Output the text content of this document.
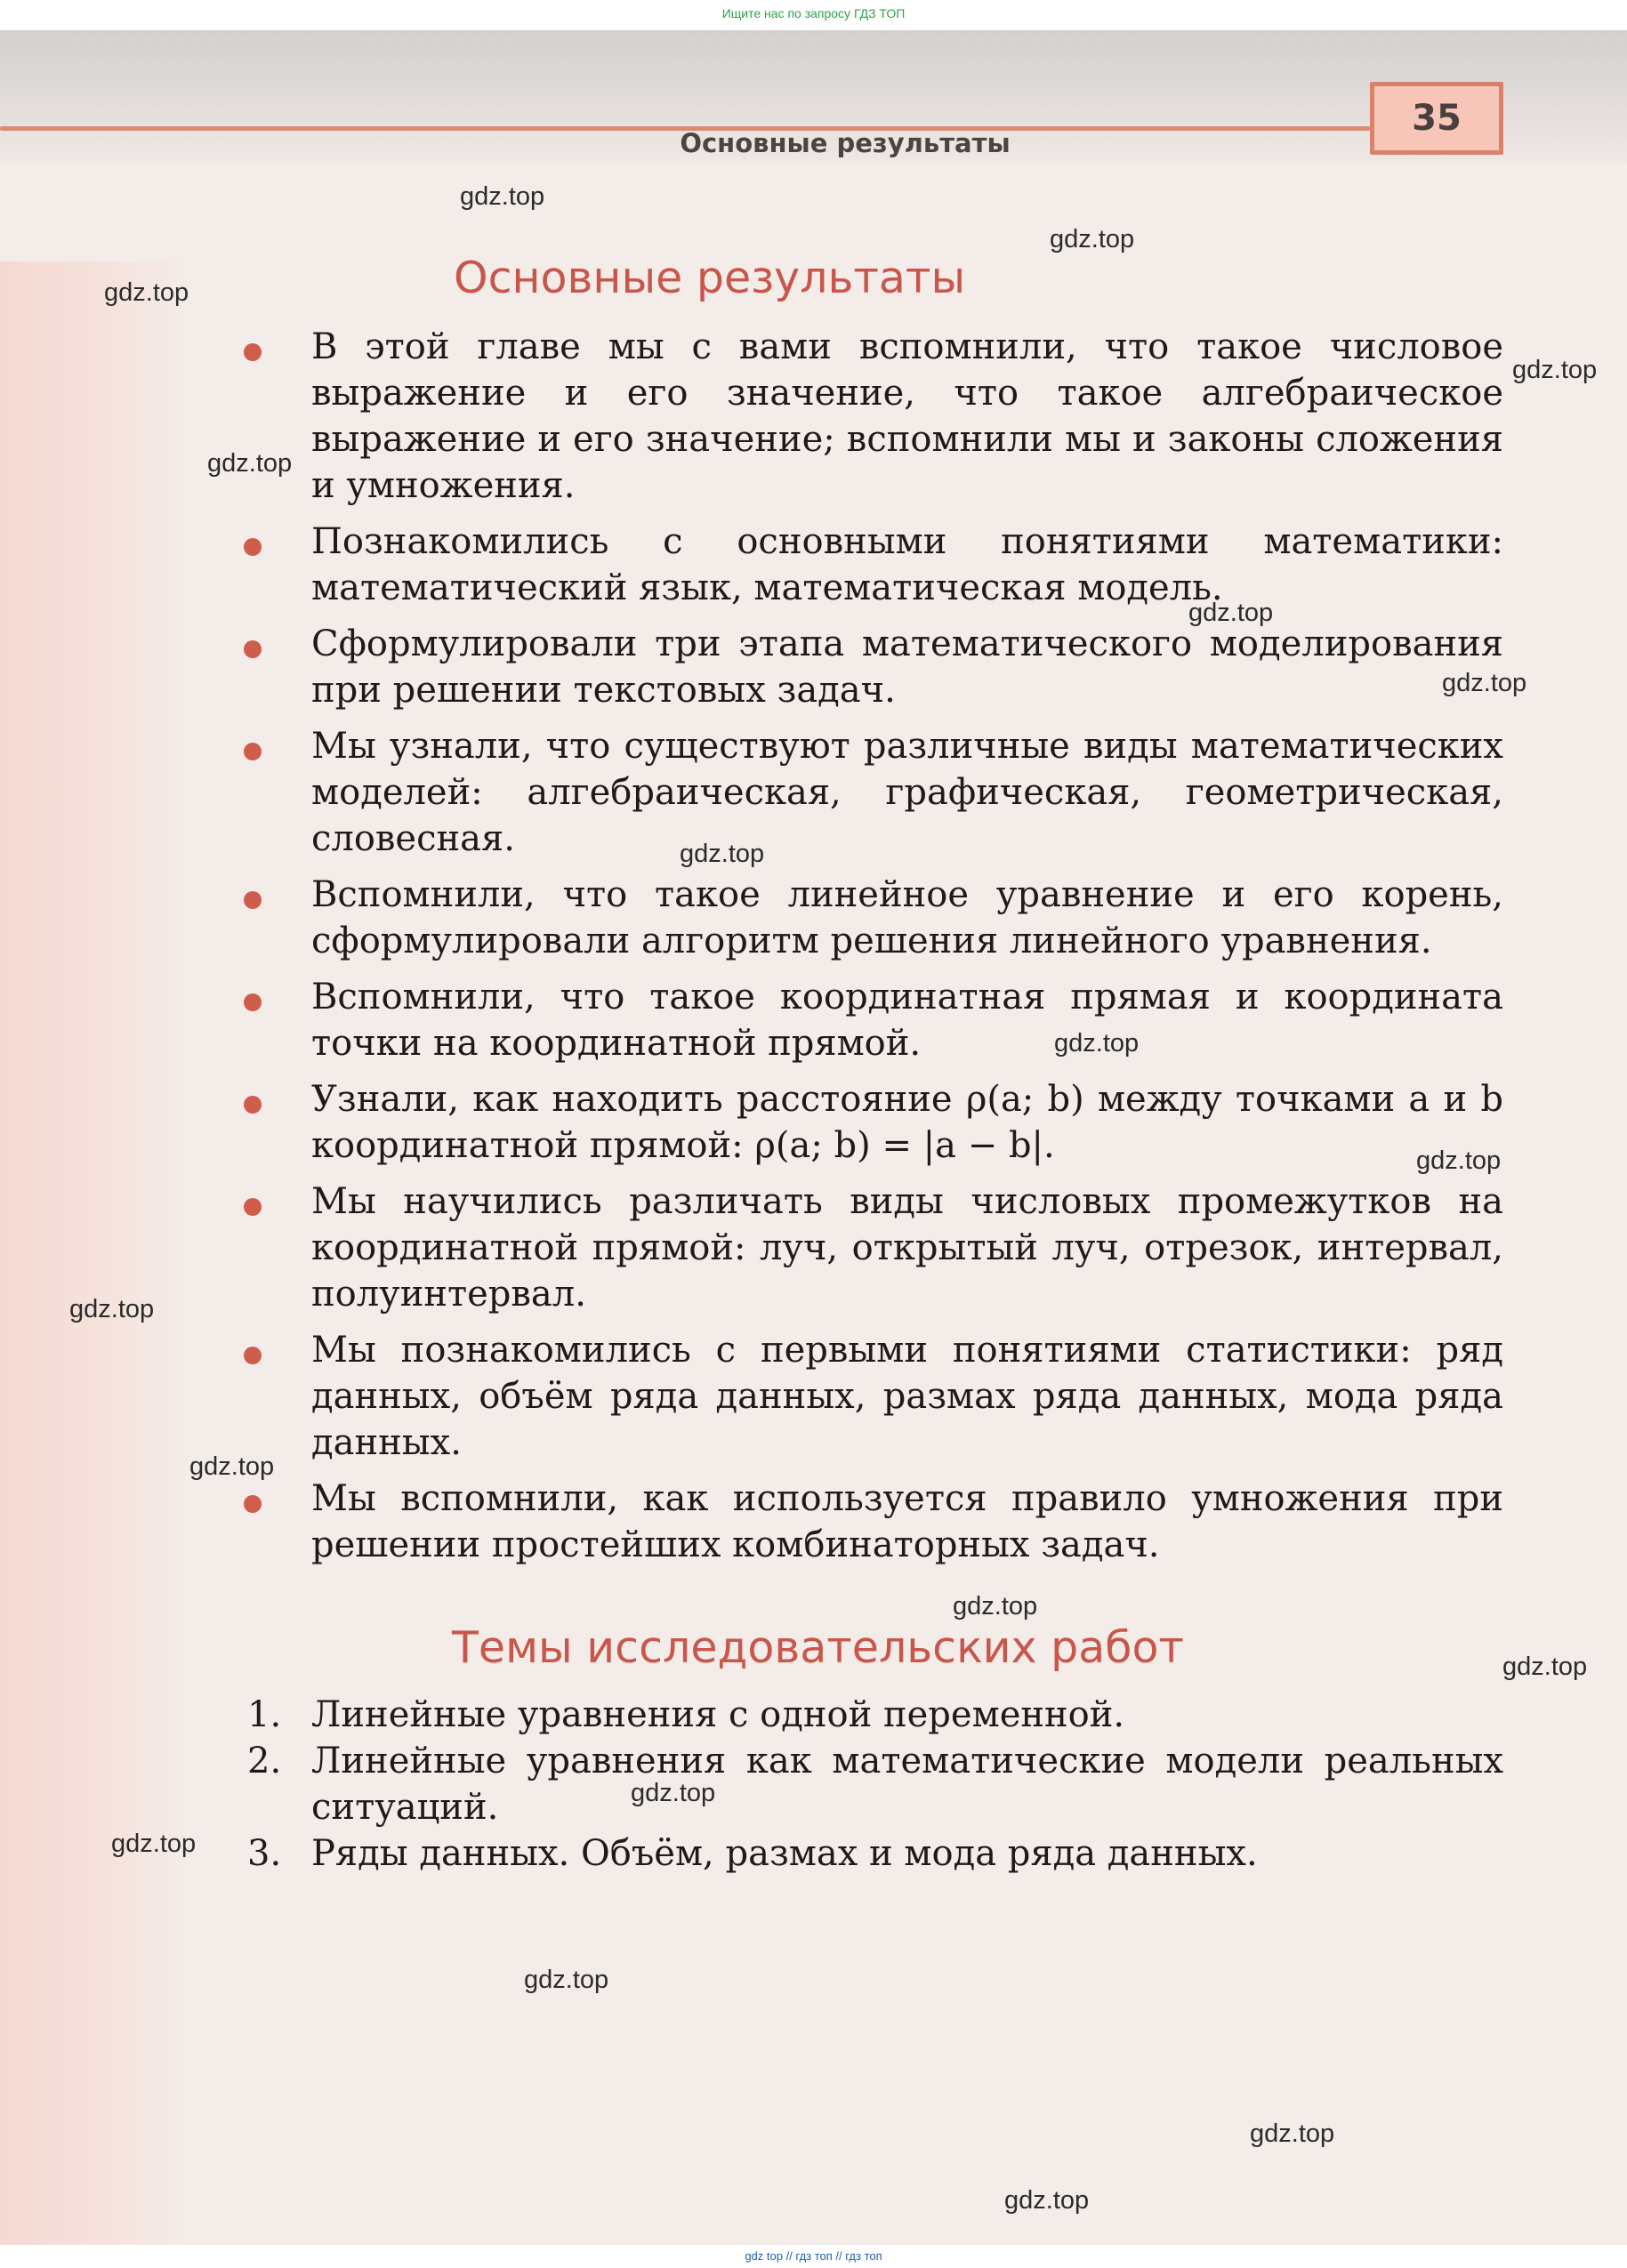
Ищите нас по запросу ГДЗ ТОП
Основные результаты
35
Основные результаты
В этой главе мы с вами вспомнили, что такое числовое выражение и его значение, что такое алгебраическое выражение и его значение; вспомнили мы и законы сложения и умножения.
Познакомились с основными понятиями математики: математический язык, математическая модель.
Сформулировали три этапа математического моделирования при решении текстовых задач.
Мы узнали, что существуют различные виды математических моделей: алгебраическая, графическая, геометрическая, словесная.
Вспомнили, что такое линейное уравнение и его корень, сформулировали алгоритм решения линейного уравнения.
Вспомнили, что такое координатная прямая и координата точки на координатной прямой.
Узнали, как находить расстояние ρ(a; b) между точками a и b координатной прямой: ρ(a; b) = |a − b|.
Мы научились различать виды числовых промежутков на координатной прямой: луч, открытый луч, отрезок, интервал, полуинтервал.
Мы познакомились с первыми понятиями статистики: ряд данных, объём ряда данных, размах ряда данных, мода ряда данных.
Мы вспомнили, как используется правило умножения при решении простейших комбинаторных задач.
Темы исследовательских работ
1. Линейные уравнения с одной переменной.
2. Линейные уравнения как математические модели реальных ситуаций.
3. Ряды данных. Объём, размах и мода ряда данных.
gdz.top
gdz.top
gdz.top
gdz.top
gdz.top
gdz.top
gdz.top
gdz.top
gdz.top
gdz.top
gdz.top
gdz.top
gdz.top
gdz.top
gdz.top
gdz.top
gdz.top
gdz.top
gdz.top
gdz top // гдз топ // гдз топ
